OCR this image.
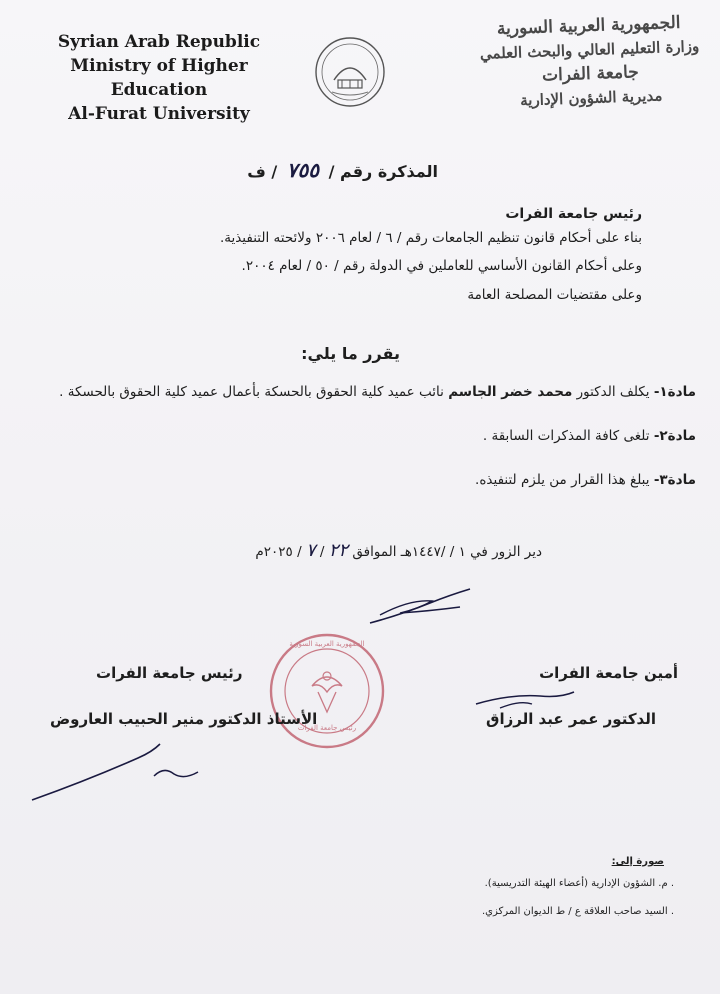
Syrian Arab Republic
Ministry of Higher Education
Al-Furat University
الجمهورية العربية السورية
وزارة التعليم العالي والبحث العلمي
جامعة الفرات
مديرية الشؤون الإدارية
المذكرة رقم / ٧٥٥ / ف
رئيس جامعة الفرات
بناء على أحكام قانون تنظيم الجامعات رقم / ٦ / لعام ٢٠٠٦ ولائحته التنفيذية.
وعلى أحكام القانون الأساسي للعاملين في الدولة رقم / ٥٠ / لعام ٢٠٠٤.
وعلى مقتضيات المصلحة العامة
يقرر ما يلي:
مادة١- يكلف الدكتور محمد خضر الجاسم نائب عميد كلية الحقوق بالحسكة بأعمال عميد كلية الحقوق بالحسكة .
مادة٢- تلغى كافة المذكرات السابقة .
مادة٣- يبلغ هذا القرار من يلزم لتنفيذه.
دير الزور في ١ / /١٤٤٧هـ الموافق ٢٢ / ٧ / ٢٠٢٥م
أمين جامعة الفرات
رئيس جامعة الفرات
الجمهورية العربية السورية
رئيس جامعة الفرات	الدكتور عمر عبد الرزاق
الأستاذ الدكتور منير الحبيب العاروض
صورة إلى:
. م. الشؤون الإدارية (أعضاء الهيئة التدريسية).
. السيد صاحب العلاقة ع / ط الديوان المركزي.
